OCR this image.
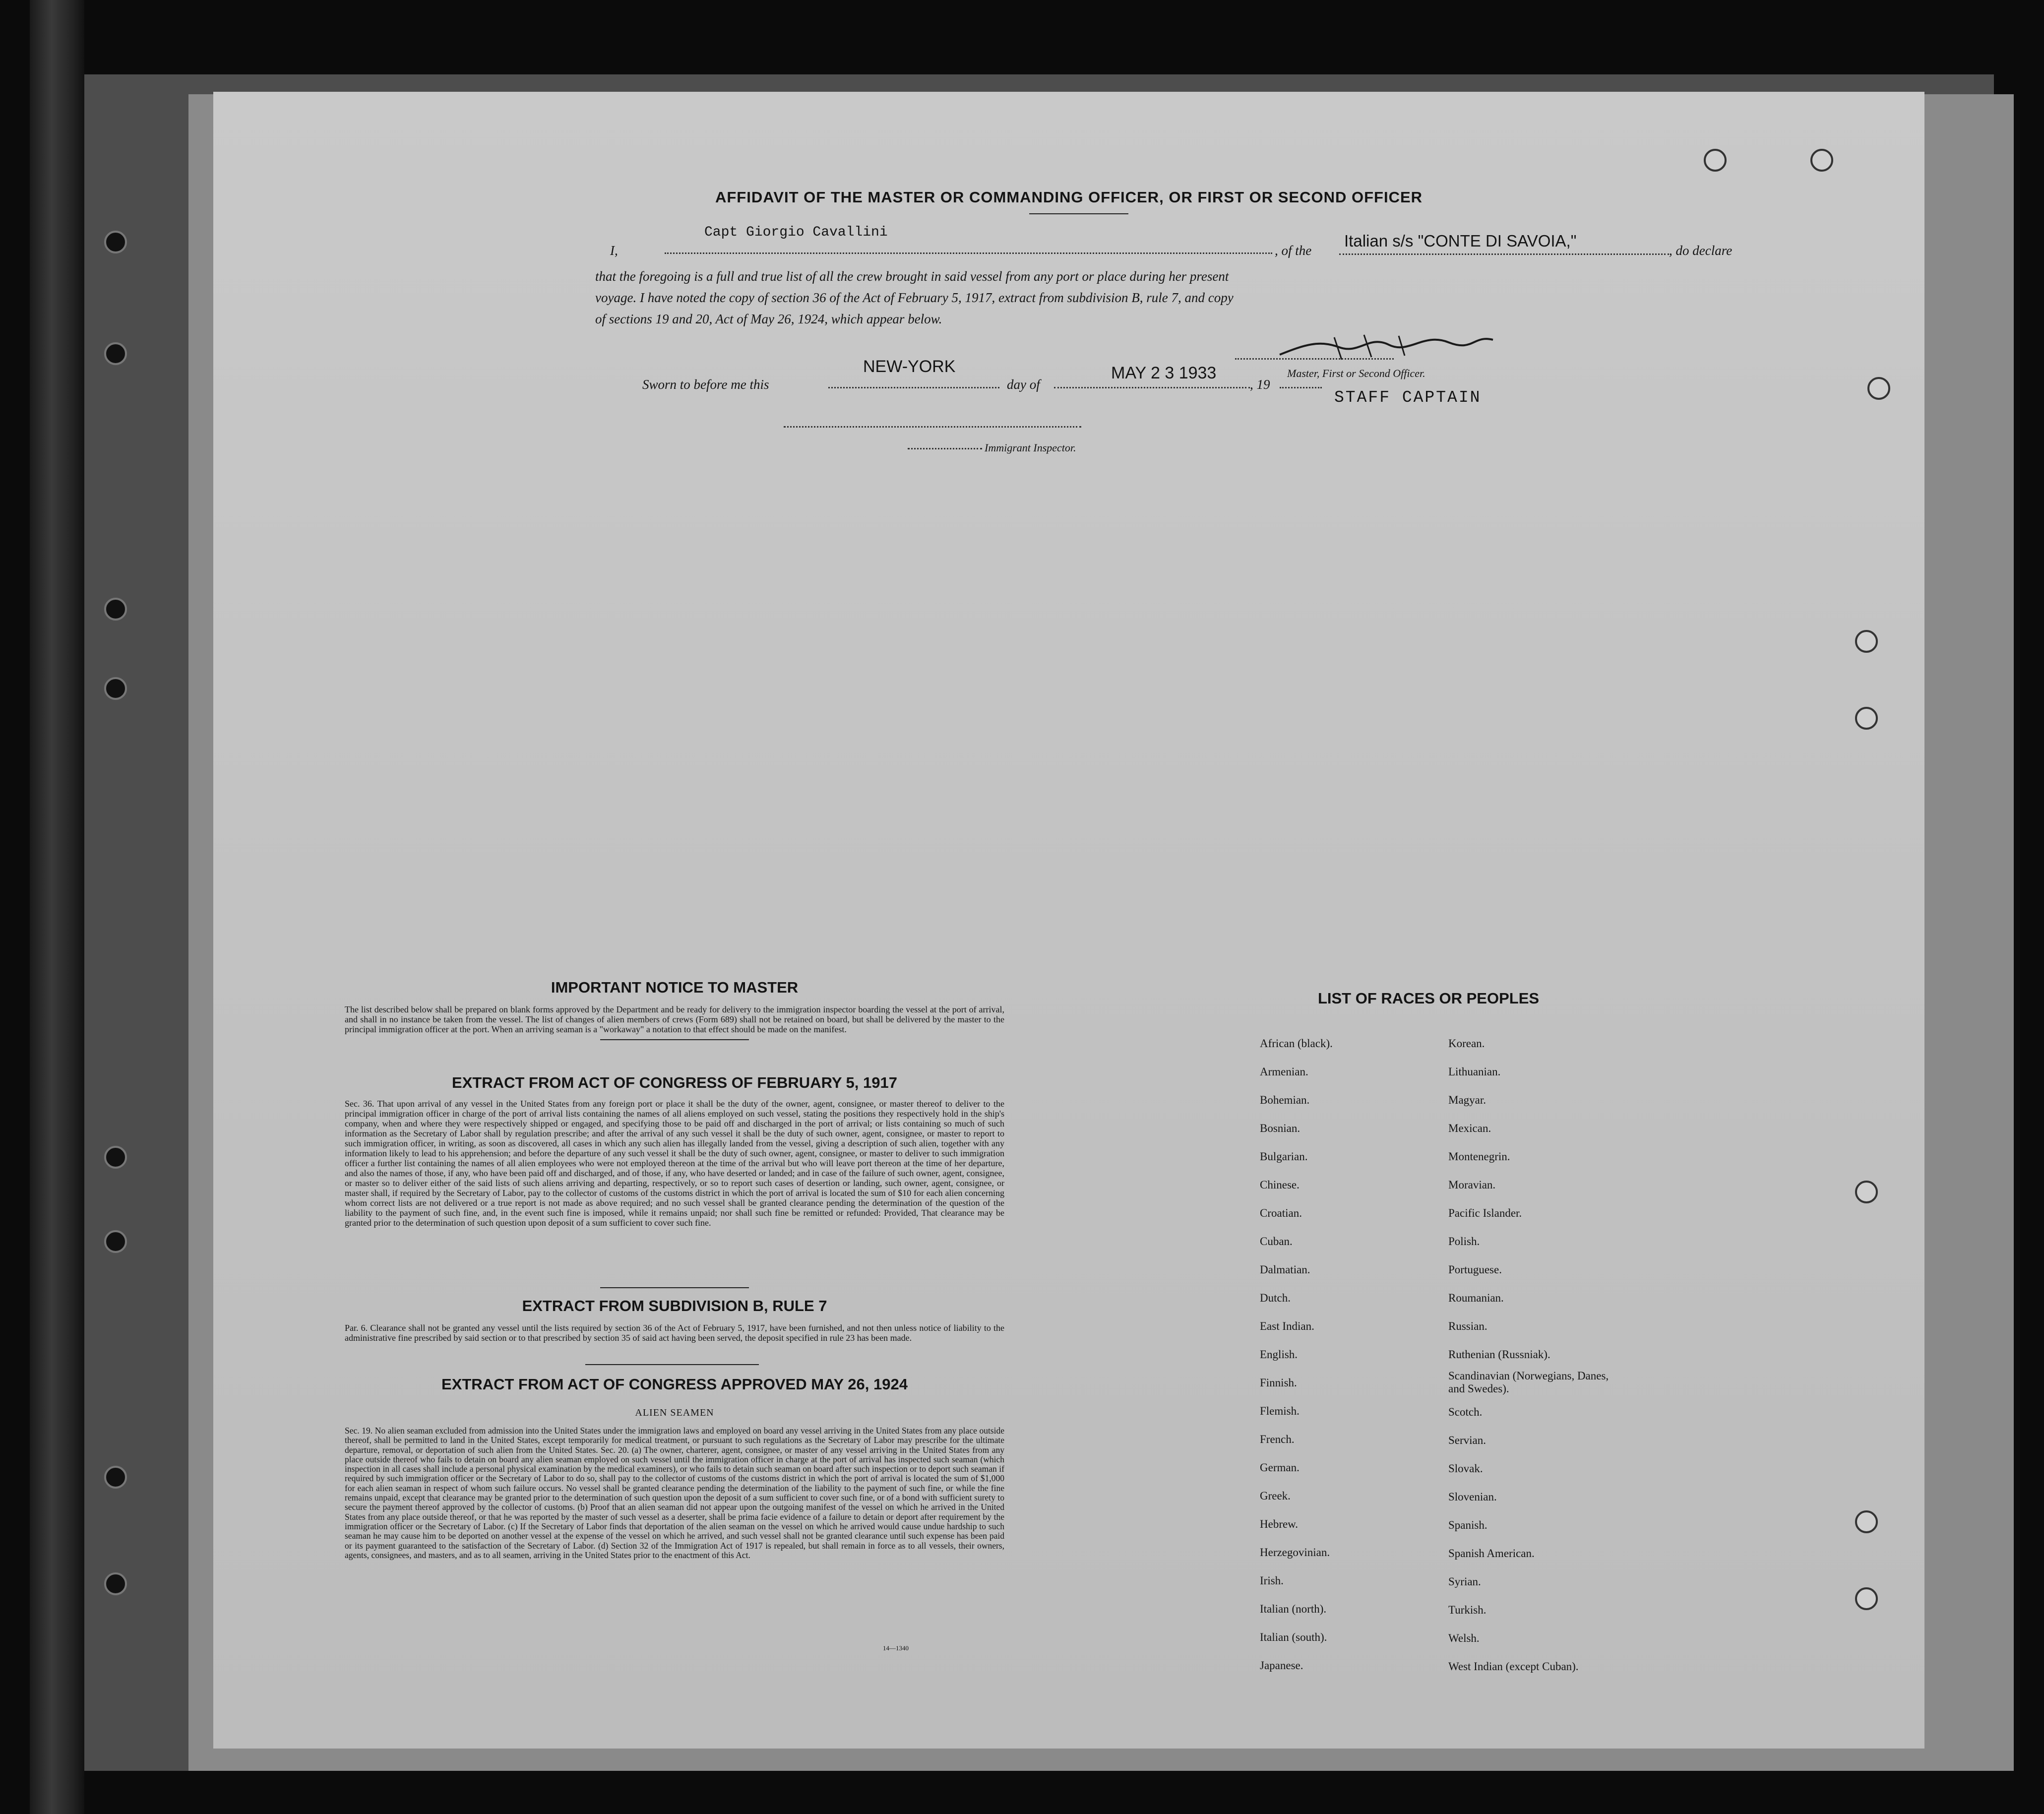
AFFIDAVIT OF THE MASTER OR COMMANDING OFFICER, OR FIRST OR SECOND OFFICER
I,
Capt Giorgio Cavallini
, of the
Italian s/s "CONTE DI SAVOIA,"
, do declare
that the foregoing is a full and true list of all the crew brought in said vessel from any port or place during her present
voyage. I have noted the copy of section 36 of the Act of February 5, 1917, extract from subdivision B, rule 7, and copy
of sections 19 and 20, Act of May 26, 1924, which appear below.
Sworn to before me this
NEW-YORK
day of
MAY 2 3 1933
, 19
Master, First or Second Officer.
STAFF CAPTAIN
Immigrant Inspector.
IMPORTANT NOTICE TO MASTER
The list described below shall be prepared on blank forms approved by the Department and be ready for delivery to the immigration inspector boarding the vessel at the port of arrival, and shall in no instance be taken from the vessel. The list of changes of alien members of crews (Form 689) shall not be retained on board, but shall be delivered by the master to the principal immigration officer at the port. When an arriving seaman is a "workaway" a notation to that effect should be made on the manifest.
EXTRACT FROM ACT OF CONGRESS OF FEBRUARY 5, 1917
Sec. 36. That upon arrival of any vessel in the United States from any foreign port or place it shall be the duty of the owner, agent, consignee, or master thereof to deliver to the principal immigration officer in charge of the port of arrival lists containing the names of all aliens employed on such vessel, stating the positions they respectively hold in the ship's company, when and where they were respectively shipped or engaged, and specifying those to be paid off and discharged in the port of arrival; or lists containing so much of such information as the Secretary of Labor shall by regulation prescribe; and after the arrival of any such vessel it shall be the duty of such owner, agent, consignee, or master to report to such immigration officer, in writing, as soon as discovered, all cases in which any such alien has illegally landed from the vessel, giving a description of such alien, together with any information likely to lead to his apprehension; and before the departure of any such vessel it shall be the duty of such owner, agent, consignee, or master to deliver to such immigration officer a further list containing the names of all alien employees who were not employed thereon at the time of the arrival but who will leave port thereon at the time of her departure, and also the names of those, if any, who have been paid off and discharged, and of those, if any, who have deserted or landed; and in case of the failure of such owner, agent, consignee, or master so to deliver either of the said lists of such aliens arriving and departing, respectively, or so to report such cases of desertion or landing, such owner, agent, consignee, or master shall, if required by the Secretary of Labor, pay to the collector of customs of the customs district in which the port of arrival is located the sum of $10 for each alien concerning whom correct lists are not delivered or a true report is not made as above required; and no such vessel shall be granted clearance pending the determination of the question of the liability to the payment of such fine, and, in the event such fine is imposed, while it remains unpaid; nor shall such fine be remitted or refunded: Provided, That clearance may be granted prior to the determination of such question upon deposit of a sum sufficient to cover such fine.
EXTRACT FROM SUBDIVISION B, RULE 7
Par. 6. Clearance shall not be granted any vessel until the lists required by section 36 of the Act of February 5, 1917, have been furnished, and not then unless notice of liability to the administrative fine prescribed by said section or to that prescribed by section 35 of said act having been served, the deposit specified in rule 23 has been made.
EXTRACT FROM ACT OF CONGRESS APPROVED MAY 26, 1924
ALIEN SEAMEN
Sec. 19. No alien seaman excluded from admission into the United States under the immigration laws and employed on board any vessel arriving in the United States from any place outside thereof, shall be permitted to land in the United States, except temporarily for medical treatment, or pursuant to such regulations as the Secretary of Labor may prescribe for the ultimate departure, removal, or deportation of such alien from the United States. Sec. 20. (a) The owner, charterer, agent, consignee, or master of any vessel arriving in the United States from any place outside thereof who fails to detain on board any alien seaman employed on such vessel until the immigration officer in charge at the port of arrival has inspected such seaman (which inspection in all cases shall include a personal physical examination by the medical examiners), or who fails to detain such seaman on board after such inspection or to deport such seaman if required by such immigration officer or the Secretary of Labor to do so, shall pay to the collector of customs of the customs district in which the port of arrival is located the sum of $1,000 for each alien seaman in respect of whom such failure occurs. No vessel shall be granted clearance pending the determination of the liability to the payment of such fine, or while the fine remains unpaid, except that clearance may be granted prior to the determination of such question upon the deposit of a sum sufficient to cover such fine, or of a bond with sufficient surety to secure the payment thereof approved by the collector of customs. (b) Proof that an alien seaman did not appear upon the outgoing manifest of the vessel on which he arrived in the United States from any place outside thereof, or that he was reported by the master of such vessel as a deserter, shall be prima facie evidence of a failure to detain or deport after requirement by the immigration officer or the Secretary of Labor. (c) If the Secretary of Labor finds that deportation of the alien seaman on the vessel on which he arrived would cause undue hardship to such seaman he may cause him to be deported on another vessel at the expense of the vessel on which he arrived, and such vessel shall not be granted clearance until such expense has been paid or its payment guaranteed to the satisfaction of the Secretary of Labor. (d) Section 32 of the Immigration Act of 1917 is repealed, but shall remain in force as to all vessels, their owners, agents, consignees, and masters, and as to all seamen, arriving in the United States prior to the enactment of this Act.
14—1340
LIST OF RACES OR PEOPLES
African (black).
Armenian.
Bohemian.
Bosnian.
Bulgarian.
Chinese.
Croatian.
Cuban.
Dalmatian.
Dutch.
East Indian.
English.
Finnish.
Flemish.
French.
German.
Greek.
Hebrew.
Herzegovinian.
Irish.
Italian (north).
Italian (south).
Japanese.
Korean.
Lithuanian.
Magyar.
Mexican.
Montenegrin.
Moravian.
Pacific Islander.
Polish.
Portuguese.
Roumanian.
Russian.
Ruthenian (Russniak).
Scandinavian (Norwegians, Danes, and Swedes).
Scotch.
Servian.
Slovak.
Slovenian.
Spanish.
Spanish American.
Syrian.
Turkish.
Welsh.
West Indian (except Cuban).
